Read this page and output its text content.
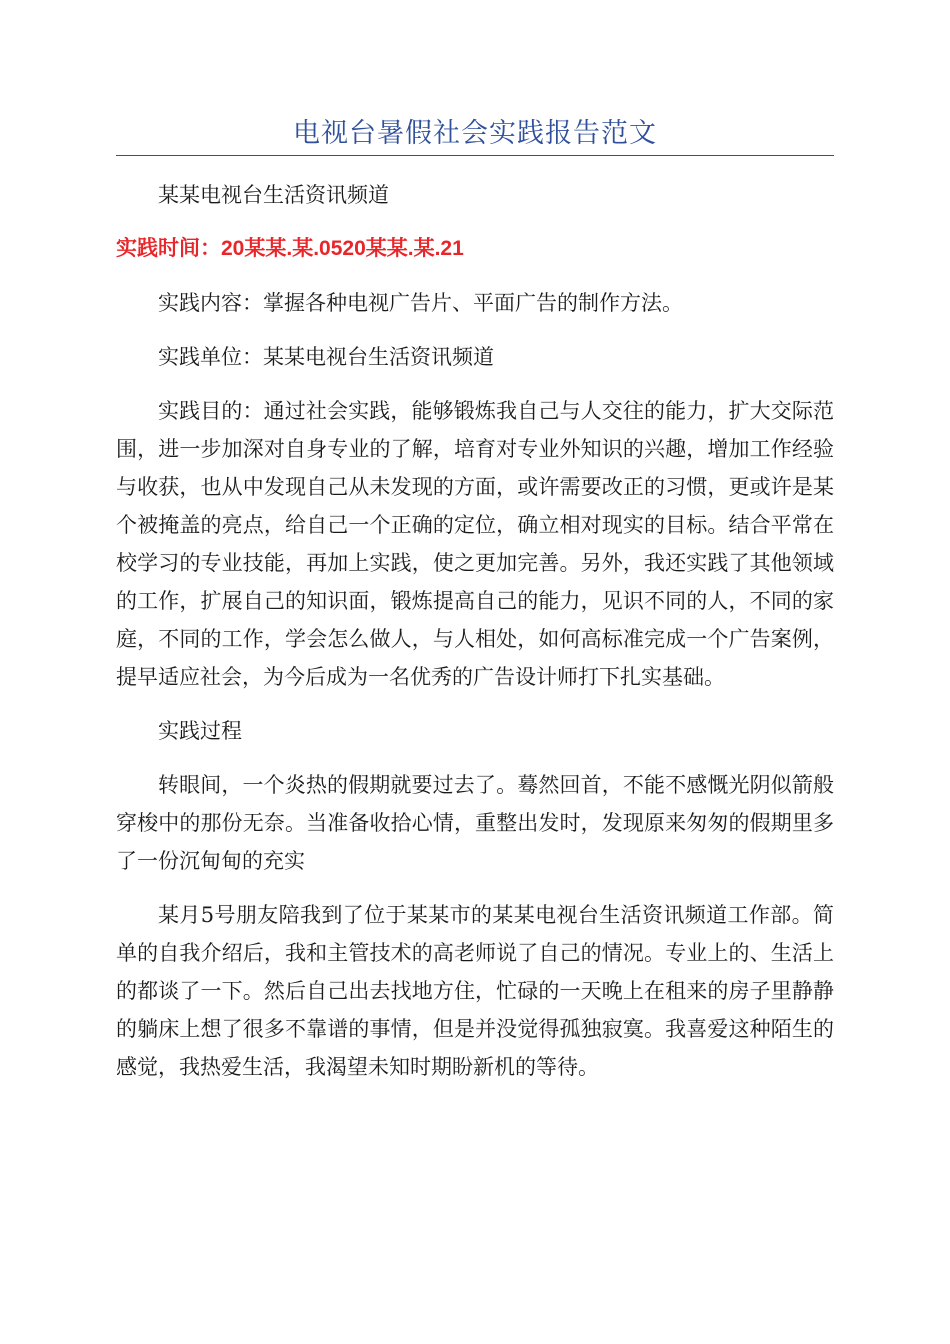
电视台暑假社会实践报告范文

某某电视台生活资讯频道

实践时间：20某某.某.0520某某.某.21

实践内容：掌握各种电视广告片、平面广告的制作方法。

实践单位：某某电视台生活资讯频道

实践目的：通过社会实践，能够锻炼我自己与人交往的能力，扩大交际范围，进一步加深对自身专业的了解，培育对专业外知识的兴趣，增加工作经验与收获，也从中发现自己从未发现的方面，或许需要改正的习惯，更或许是某个被掩盖的亮点，给自己一个正确的定位，确立相对现实的目标。结合平常在校学习的专业技能，再加上实践，使之更加完善。另外，我还实践了其他领域的工作，扩展自己的知识面，锻炼提高自己的能力，见识不同的人，不同的家庭，不同的工作，学会怎么做人，与人相处，如何高标准完成一个广告案例，提早适应社会，为今后成为一名优秀的广告设计师打下扎实基础。

实践过程

转眼间，一个炎热的假期就要过去了。蓦然回首，不能不感慨光阴似箭般穿梭中的那份无奈。当准备收拾心情，重整出发时，发现原来匆匆的假期里多了一份沉甸甸的充实

某月5号朋友陪我到了位于某某市的某某电视台生活资讯频道工作部。简单的自我介绍后，我和主管技术的高老师说了自己的情况。专业上的、生活上的都谈了一下。然后自己出去找地方住，忙碌的一天晚上在租来的房子里静静的躺床上想了很多不靠谱的事情，但是并没觉得孤独寂寞。我喜爱这种陌生的感觉，我热爱生活，我渴望未知时期盼新机的等待。
